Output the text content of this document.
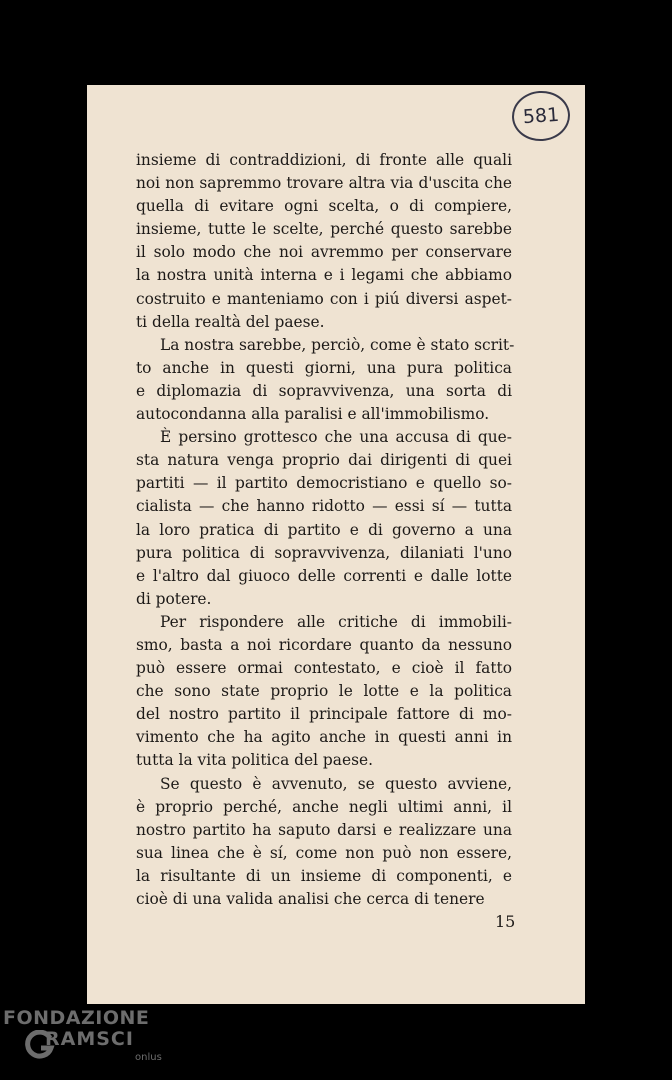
581
insieme di contraddizioni, di fronte alle quali
noi non sapremmo trovare altra via d'uscita che
quella di evitare ogni scelta, o di compiere,
insieme, tutte le scelte, perché questo sarebbe
il solo modo che noi avremmo per conservare
la nostra unità interna e i legami che abbiamo
costruito e manteniamo con i piú diversi aspet-
ti della realtà del paese.
La nostra sarebbe, perciò, come è stato scrit-
to anche in questi giorni, una pura politica
e diplomazia di sopravvivenza, una sorta di
autocondanna alla paralisi e all'immobilismo.
È persino grottesco che una accusa di que-
sta natura venga proprio dai dirigenti di quei
partiti — il partito democristiano e quello so-
cialista — che hanno ridotto — essi sí — tutta
la loro pratica di partito e di governo a una
pura politica di sopravvivenza, dilaniati l'uno
e l'altro dal giuoco delle correnti e dalle lotte
di potere.
Per rispondere alle critiche di immobili-
smo, basta a noi ricordare quanto da nessuno
può essere ormai contestato, e cioè il fatto
che sono state proprio le lotte e la politica
del nostro partito il principale fattore di mo-
vimento che ha agito anche in questi anni in
tutta la vita politica del paese.
Se questo è avvenuto, se questo avviene,
è proprio perché, anche negli ultimi anni, il
nostro partito ha saputo darsi e realizzare una
sua linea che è sí, come non può non essere,
la risultante di un insieme di componenti, e
cioè di una valida analisi che cerca di tenere
15
FONDAZIONE
RAMSCI
onlus
